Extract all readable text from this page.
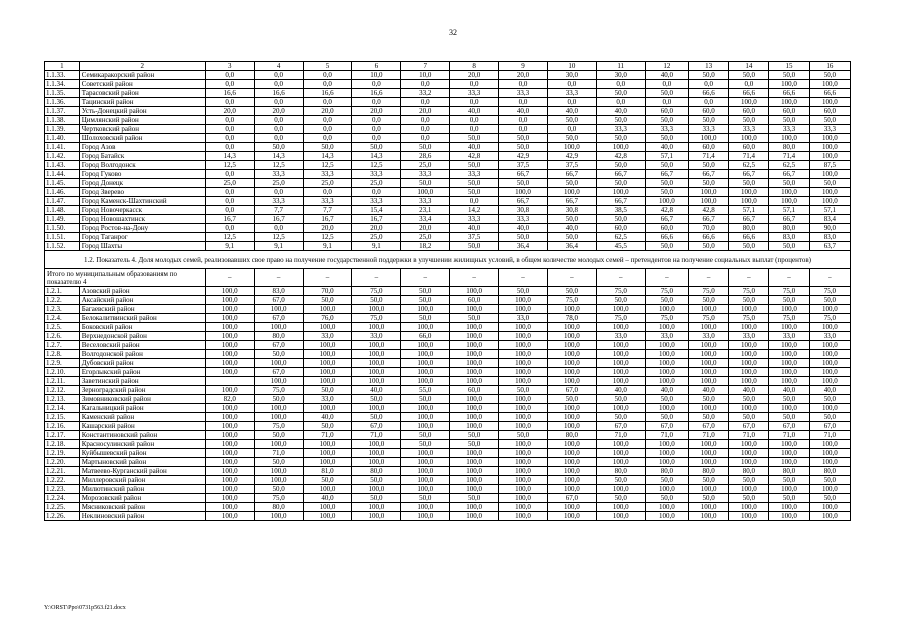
32
1	2	3	4	5	6	7	8	9	10	11	12	13	14	15	16
1.1.33.	Семикаракорский район	0,0	0,0	0,0	10,0	10,0	20,0	20,0	30,0	30,0	40,0	50,0	50,0	50,0	50,0
1.1.34.	Советский район	0,0	0,0	0,0	0,0	0,0	0,0	0,0	0,0	0,0	0,0	0,0	0,0	100,0	100,0
1.1.35.	Тарасовский район	16,6	16,6	16,6	16,6	33,2	33,3	33,3	33,3	50,0	50,0	66,6	66,6	66,6	66,6
1.1.36.	Тацинский район	0,0	0,0	0,0	0,0	0,0	0,0	0,0	0,0	0,0	0,0	0,0	100,0	100,0	100,0
1.1.37.	Усть-Донецкий район	20,0	20,0	20,0	20,0	20,0	40,0	40,0	40,0	40,0	60,0	60,0	60,0	60,0	60,0
1.1.38.	Цимлянский район	0,0	0,0	0,0	0,0	0,0	0,0	0,0	50,0	50,0	50,0	50,0	50,0	50,0	50,0
1.1.39.	Чертковский район	0,0	0,0	0,0	0,0	0,0	0,0	0,0	0,0	33,3	33,3	33,3	33,3	33,3	33,3
1.1.40.	Шолоховский район	0,0	0,0	0,0	0,0	0,0	50,0	50,0	50,0	50,0	50,0	100,0	100,0	100,0	100,0
1.1.41.	Город Азов	0,0	50,0	50,0	50,0	50,0	40,0	50,0	100,0	100,0	40,0	60,0	60,0	80,0	100,0
1.1.42.	Город Батайск	14,3	14,3	14,3	14,3	28,6	42,8	42,9	42,9	42,8	57,1	71,4	71,4	71,4	100,0
1.1.43.	Город Волгодонск	12,5	12,5	12,5	12,5	25,0	50,0	37,5	37,5	50,0	50,0	50,0	62,5	62,5	87,5
1.1.44.	Город Гуково	0,0	33,3	33,3	33,3	33,3	33,3	66,7	66,7	66,7	66,7	66,7	66,7	66,7	100,0
1.1.45.	Город Донецк	25,0	25,0	25,0	25,0	50,0	50,0	50,0	50,0	50,0	50,0	50,0	50,0	50,0	50,0
1.1.46.	Город Зверево	0,0	0,0	0,0	0,0	100,0	50,0	100,0	100,0	100,0	50,0	100,0	100,0	100,0	100,0
1.1.47.	Город Каменск-Шахтинский	0,0	33,3	33,3	33,3	33,3	0,0	66,7	66,7	66,7	100,0	100,0	100,0	100,0	100,0
1.1.48.	Город Новочеркасск	0,0	7,7	7,7	15,4	23,1	14,2	30,8	30,8	38,5	42,8	42,8	57,1	57,1	57,1
1.1.49.	Город Новошахтинск	16,7	16,7	16,7	16,7	33,4	33,3	33,3	50,0	50,0	66,7	66,7	66,7	66,7	83,4
1.1.50.	Город Ростов-на-Дону	0,0	0,0	20,0	20,0	20,0	40,0	40,0	40,0	60,0	60,0	70,0	80,0	80,0	90,0
1.1.51.	Город Таганрог	12,5	12,5	12,5	25,0	25,0	37,5	50,0	50,0	62,5	66,6	66,6	66,6	83,0	83,0
1.1.52.	Город Шахты	9,1	9,1	9,1	9,1	18,2	50,0	36,4	36,4	45,5	50,0	50,0	50,0	50,0	63,7
1.2. Показатель 4. Доля молодых семей, реализовавших свое право на получение государственной поддержки в улучшении жилищных условий, в общем количестве молодых семей – претендентов на получение социальных выплат (процентов)															
Итого по муниципальным образованиям по показателю 4		–	–	–	–	–	–	–	–	–	–	–	–	–	–
1.2.1.	Азовский район	100,0	83,0	70,0	75,0	50,0	100,0	50,0	50,0	75,0	75,0	75,0	75,0	75,0	75,0
1.2.2.	Аксайский район	100,0	67,0	50,0	50,0	50,0	60,0	100,0	75,0	50,0	50,0	50,0	50,0	50,0	50,0
1.2.3.	Багаевский район	100,0	100,0	100,0	100,0	100,0	100,0	100,0	100,0	100,0	100,0	100,0	100,0	100,0	100,0
1.2.4.	Белокалитвинский район	100,0	67,0	76,0	75,0	50,0	50,0	33,0	78,0	75,0	75,0	75,0	75,0	75,0	75,0
1.2.5.	Боковский район	100,0	100,0	100,0	100,0	100,0	100,0	100,0	100,0	100,0	100,0	100,0	100,0	100,0	100,0
1.2.6.	Верхнедонской район	100,0	80,0	33,0	33,0	66,0	100,0	100,0	100,0	33,0	33,0	33,0	33,0	33,0	33,0
1.2.7.	Веселовский район	100,0	67,0	100,0	100,0	100,0	100,0	100,0	100,0	100,0	100,0	100,0	100,0	100,0	100,0
1.2.8.	Волгодонской район	100,0	50,0	100,0	100,0	100,0	100,0	100,0	100,0	100,0	100,0	100,0	100,0	100,0	100,0
1.2.9.	Дубовский район	100,0	100,0	100,0	100,0	100,0	100,0	100,0	100,0	100,0	100,0	100,0	100,0	100,0	100,0
1.2.10.	Егорлыкский район	100,0	67,0	100,0	100,0	100,0	100,0	100,0	100,0	100,0	100,0	100,0	100,0	100,0	100,0
1.2.11.	Заветинский район		100,0	100,0	100,0	100,0	100,0	100,0	100,0	100,0	100,0	100,0	100,0	100,0	100,0
1.2.12.	Зерноградский район	100,0	75,0	50,0	40,0	55,0	60,0	50,0	67,0	40,0	40,0	40,0	40,0	40,0	40,0
1.2.13.	Зимовниковский район	82,0	50,0	33,0	50,0	50,0	100,0	100,0	50,0	50,0	50,0	50,0	50,0	50,0	50,0
1.2.14.	Кагальницкий район	100,0	100,0	100,0	100,0	100,0	100,0	100,0	100,0	100,0	100,0	100,0	100,0	100,0	100,0
1.2.15.	Каменский район	100,0	100,0	40,0	50,0	100,0	100,0	100,0	100,0	50,0	50,0	50,0	50,0	50,0	50,0
1.2.16.	Кашарский район	100,0	75,0	50,0	67,0	100,0	100,0	100,0	100,0	67,0	67,0	67,0	67,0	67,0	67,0
1.2.17.	Константиновский район	100,0	50,0	71,0	71,0	50,0	50,0	50,0	80,0	71,0	71,0	71,0	71,0	71,0	71,0
1.2.18.	Красносулинский район	100,0	100,0	100,0	100,0	50,0	50,0	100,0	100,0	100,0	100,0	100,0	100,0	100,0	100,0
1.2.19.	Куйбышевский район	100,0	71,0	100,0	100,0	100,0	100,0	100,0	100,0	100,0	100,0	100,0	100,0	100,0	100,0
1.2.20.	Мартыновский район	100,0	50,0	100,0	100,0	100,0	100,0	100,0	100,0	100,0	100,0	100,0	100,0	100,0	100,0
1.2.21.	Матвеево-Курганский район	100,0	100,0	81,0	80,0	100,0	100,0	100,0	100,0	80,0	80,0	80,0	80,0	80,0	80,0
1.2.22.	Миллеровский район	100,0	100,0	50,0	50,0	100,0	100,0	100,0	100,0	50,0	50,0	50,0	50,0	50,0	50,0
1.2.23.	Милютинский район	100,0	50,0	100,0	100,0	100,0	100,0	100,0	100,0	100,0	100,0	100,0	100,0	100,0	100,0
1.2.24.	Морозовский район	100,0	75,0	40,0	50,0	50,0	50,0	100,0	67,0	50,0	50,0	50,0	50,0	50,0	50,0
1.2.25.	Мясниковский район	100,0	80,0	100,0	100,0	100,0	100,0	100,0	100,0	100,0	100,0	100,0	100,0	100,0	100,0
1.2.26.	Неклиновский район	100,0	100,0	100,0	100,0	100,0	100,0	100,0	100,0	100,0	100,0	100,0	100,0	100,0	100,0
Y:\ORST\Ppo\0731p563.f21.docx
